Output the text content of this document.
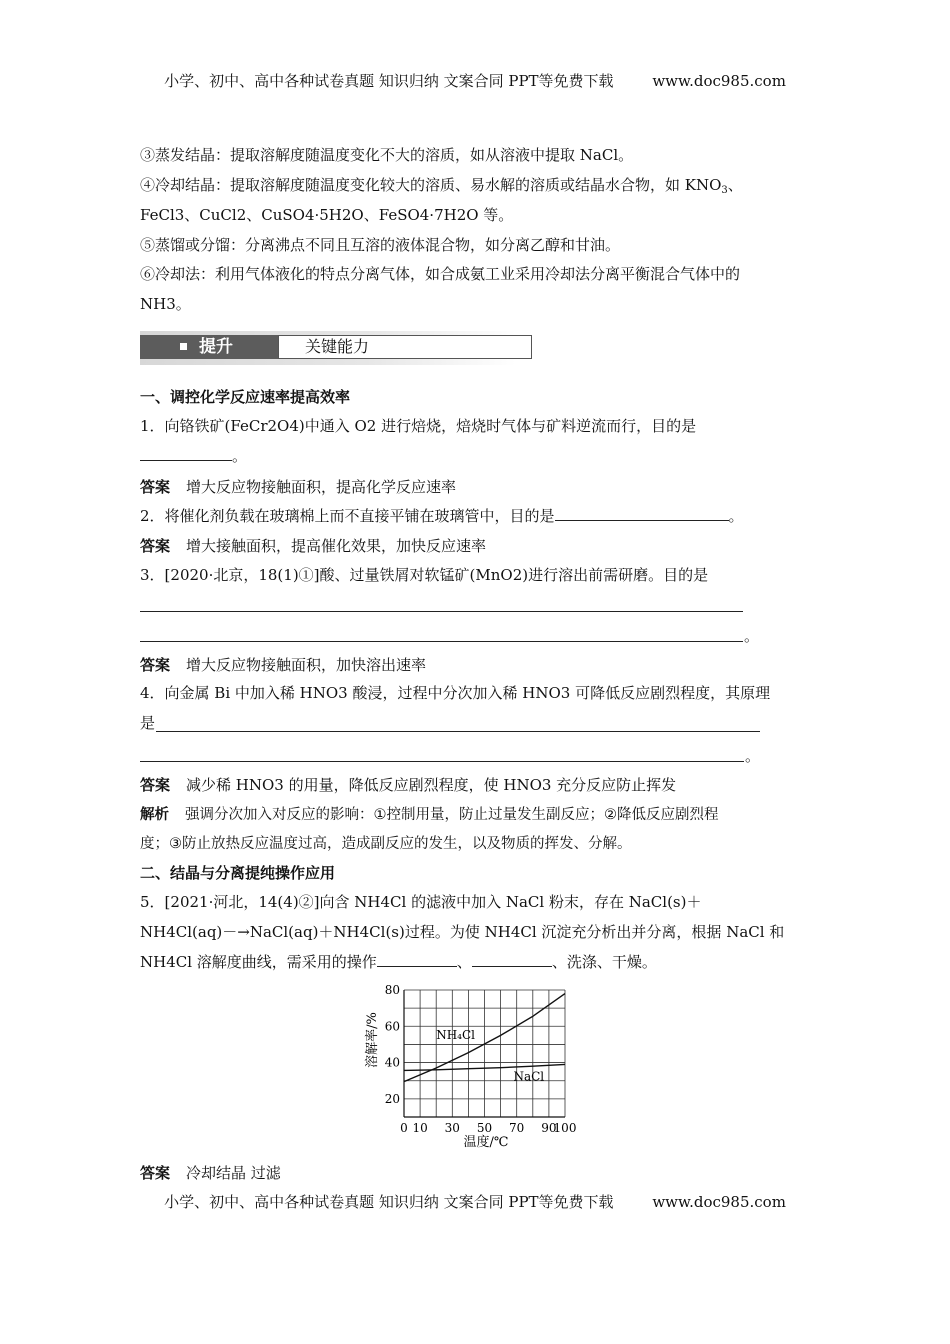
小学、初中、高中各种试卷真题 知识归纳 文案合同 PPT等免费下载	www.doc985.com
③蒸发结晶：提取溶解度随温度变化不大的溶质，如从溶液中提取 NaCl。
④冷却结晶：提取溶解度随温度变化较大的溶质、易水解的溶质或结晶水合物，如 $KNO_3$、
FeCl3、CuCl2、CuSO4·5H2O、FeSO4·7H2O 等。
⑤蒸馏或分馏：分离沸点不同且互溶的液体混合物，如分离乙醇和甘油。
⑥冷却法：利用气体液化的特点分离气体，如合成氨工业采用冷却法分离平衡混合气体中的
NH3。
提升	关键能力
一、调控化学反应速率提高效率
1．向铬铁矿(FeCr2O4)中通入 O2 进行焙烧，焙烧时气体与矿料逆流而行，目的是
。
答案 增大反应物接触面积，提高化学反应速率
2．将催化剂负载在玻璃棉上而不直接平铺在玻璃管中，目的是	。
答案 增大接触面积，提高催化效果，加快反应速率
3．[2020·北京，18(1)①]酸、过量铁屑对软锰矿(MnO2)进行溶出前需研磨。目的是
。
答案 增大反应物接触面积，加快溶出速率
4．向金属 Bi 中加入稀 HNO3 酸浸，过程中分次加入稀 HNO3 可降低反应剧烈程度，其原理
是
。
答案 减少稀 HNO3 的用量，降低反应剧烈程度，使 HNO3 充分反应防止挥发
解析 强调分次加入对反应的影响：①控制用量，防止过量发生副反应；②降低反应剧烈程
度；③防止放热反应温度过高，造成副反应的发生，以及物质的挥发、分解。
二、结晶与分离提纯操作应用
5．[2021·河北，14(4)②]向含 NH4Cl 的滤液中加入 NaCl 粉末，存在 NaCl(s)＋
NH4Cl(aq)－→NaCl(aq)＋NH4Cl(s)过程。为使 NH4Cl 沉淀充分析出并分离，根据 NaCl 和
NH4Cl 溶解度曲线，需采用的操作	、	、洗涤、干燥。
0 10 30 50 70 90
100
20
40
60
80
NH₄Cl
NaCl
溶解率/%
温度/℃
答案 冷却结晶 过滤
小学、初中、高中各种试卷真题 知识归纳 文案合同 PPT等免费下载	www.doc985.com
